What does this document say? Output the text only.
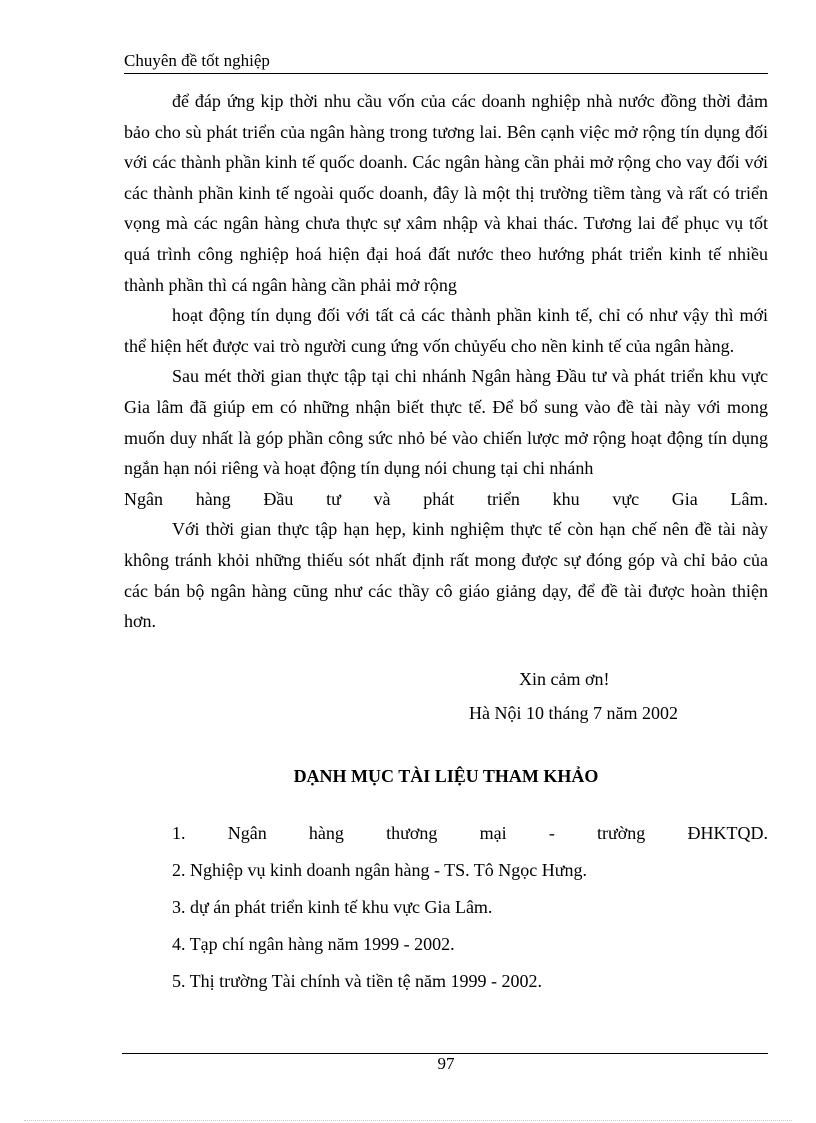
Chuyên đề tốt nghiệp

để đáp ứng kịp thời nhu cầu vốn của các doanh nghiệp nhà nước đồng thời đảm bảo cho sù phát triển của ngân hàng trong tương lai. Bên cạnh việc mở rộng tín dụng đối với các thành phần kinh tế quốc doanh. Các ngân hàng cần phải mở rộng cho vay đối với các thành phần kinh tế ngoài quốc doanh, đây là một thị trường tiềm tàng và rất có triển vọng mà các ngân hàng chưa thực sự xâm nhập và khai thác. Tương lai để phục vụ tốt quá trình công nghiệp hoá hiện đại hoá đất nước theo hướng phát triển kinh tế nhiều thành phần thì cá ngân hàng cần phải mở rộng

hoạt động tín dụng đối với tất cả các thành phần kinh tế, chỉ có như vậy thì mới thể hiện hết được vai trò người cung ứng vốn chủyếu cho nền kinh tế của ngân hàng.

Sau mét thời gian thực tập tại chi nhánh Ngân hàng Đầu tư và phát triển khu vực Gia lâm đã giúp em có những nhận biết thực tế. Để bổ sung vào đề tài này với mong muốn duy nhất là góp phần công sức nhỏ bé vào chiến lược mở rộng hoạt động tín dụng ngắn hạn nói riêng và hoạt động tín dụng nói chung tại chi nhánh

Ngân hàng Đầu tư và phát triển khu vực Gia Lâm.

Với thời gian thực tập hạn hẹp, kinh nghiệm thực tế còn hạn chế nên đề tài này không tránh khỏi những thiếu sót nhất định rất mong được sự đóng góp và chỉ bảo của các bán bộ ngân hàng cũng như các thầy cô giáo giảng dạy, để đề tài được hoàn thiện hơn.

Xin cảm ơn!
Hà Nội 10 tháng 7 năm 2002
DẠNH MỤC TÀI LIỆU THAM KHẢO

1. Ngân hàng thương mại - trường ĐHKTQD.

2. Nghiệp vụ kinh doanh ngân hàng - TS. Tô Ngọc Hưng.

3. dự án phát triển kinh tế khu vực Gia Lâm.

4. Tạp chí ngân hàng năm 1999 - 2002.

5. Thị trường Tài chính và tiền tệ năm 1999 - 2002.

97
